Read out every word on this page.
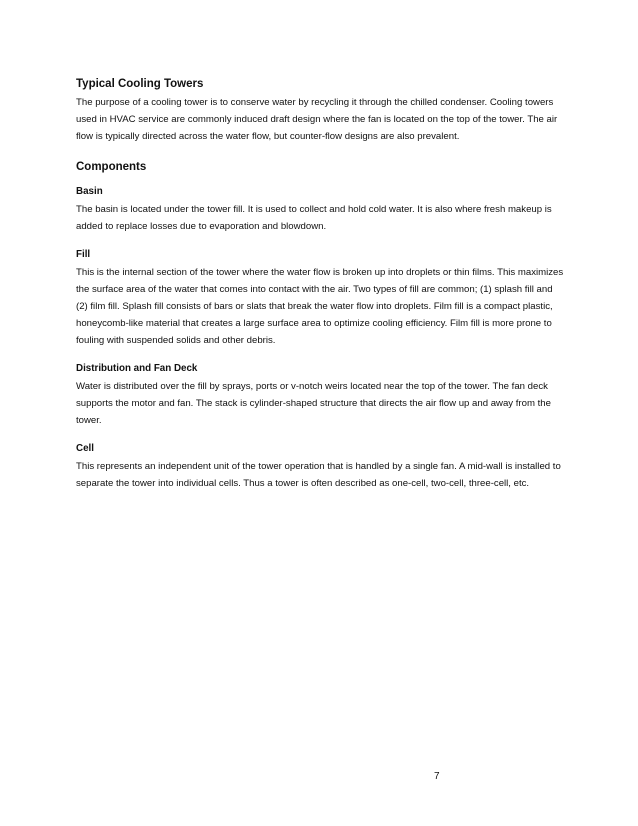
Typical Cooling Towers

The purpose of a cooling tower is to conserve water by recycling it through the chilled condenser. Cooling towers used in HVAC service are commonly induced draft design where the fan is located on the top of the tower. The air flow is typically directed across the water flow, but counter-flow designs are also prevalent.

Components
Basin

The basin is located under the tower fill. It is used to collect and hold cold water. It is also where fresh makeup is added to replace losses due to evaporation and blowdown.

Fill

This is the internal section of the tower where the water flow is broken up into droplets or thin films. This maximizes the surface area of the water that comes into contact with the air. Two types of fill are common; (1) splash fill and (2) film fill. Splash fill consists of bars or slats that break the water flow into droplets. Film fill is a compact plastic, honeycomb-like material that creates a large surface area to optimize cooling efficiency. Film fill is more prone to fouling with suspended solids and other debris.

Distribution and Fan Deck

Water is distributed over the fill by sprays, ports or v-notch weirs located near the top of the tower. The fan deck supports the motor and fan. The stack is cylinder-shaped structure that directs the air flow up and away from the tower.

Cell

This represents an independent unit of the tower operation that is handled by a single fan. A mid-wall is installed to separate the tower into individual cells. Thus a tower is often described as one-cell, two-cell, three-cell, etc.

7
